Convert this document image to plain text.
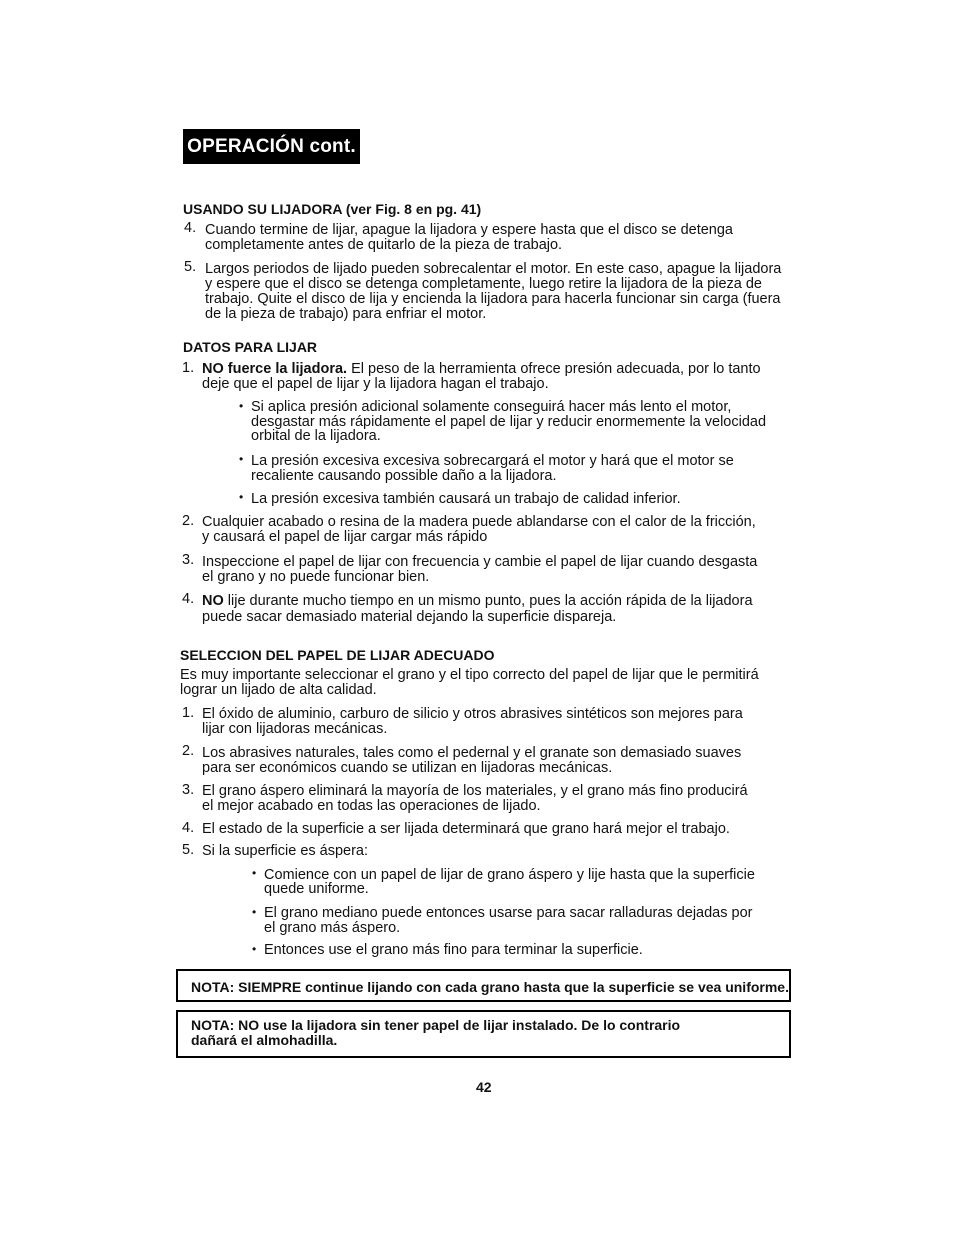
OPERACIÓN cont.
USANDO SU LIJADORA (ver Fig. 8 en pg. 41)
4. Cuando termine de lijar, apague la lijadora y espere hasta que el disco se detenga
completamente antes de quitarlo de la pieza de trabajo.
5. Largos periodos de lijado pueden sobrecalentar el motor. En este caso, apague la lijadora
y espere que el disco se detenga completamente, luego retire la lijadora de la pieza de
trabajo. Quite el disco de lija y encienda la lijadora para hacerla funcionar sin carga (fuera
de la pieza de trabajo) para enfriar el motor.
DATOS PARA LIJAR
1. NO fuerce la lijadora. El peso de la herramienta ofrece presión adecuada, por lo tanto
deje que el papel de lijar y la lijadora hagan el trabajo.
• Si aplica presión adicional solamente conseguirá hacer más lento el motor,
desgastar más rápidamente el papel de lijar y reducir enormemente la velocidad
orbital de la lijadora.
• La presión excesiva excesiva sobrecargará el motor y hará que el motor se
recaliente causando possible daño a la lijadora.
• La presión excesiva también causará un trabajo de calidad inferior.
2. Cualquier acabado o resina de la madera puede ablandarse con el calor de la fricción,
y causará el papel de lijar cargar más rápido
3. Inspeccione el papel de lijar con frecuencia y cambie el papel de lijar cuando desgasta
el grano y no puede funcionar bien.
4. NO lije durante mucho tiempo en un mismo punto, pues la acción rápida de la lijadora
puede sacar demasiado material dejando la superficie dispareja.
SELECCION DEL PAPEL DE LIJAR ADECUADO
Es muy importante seleccionar el grano y el tipo correcto del papel de lijar que le permitirá
lograr un lijado de alta calidad.
1. El óxido de aluminio, carburo de silicio y otros abrasives sintéticos son mejores para
lijar con lijadoras mecánicas.
2. Los abrasives naturales, tales como el pedernal y el granate son demasiado suaves
para ser económicos cuando se utilizan en lijadoras mecánicas.
3. El grano áspero eliminará la mayoría de los materiales, y el grano más fino producirá
el mejor acabado en todas las operaciones de lijado.
4. El estado de la superficie a ser lijada determinará que grano hará mejor el trabajo.
5. Si la superficie es áspera:
• Comience con un papel de lijar de grano áspero y lije hasta que la superficie
quede uniforme.
• El grano mediano puede entonces usarse para sacar ralladuras dejadas por
el grano más áspero.
• Entonces use el grano más fino para terminar la superficie.
NOTA: SIEMPRE continue lijando con cada grano hasta que la superficie se vea uniforme.
NOTA: NO use la lijadora sin tener papel de lijar instalado. De lo contrario
dañará el almohadilla.
42
